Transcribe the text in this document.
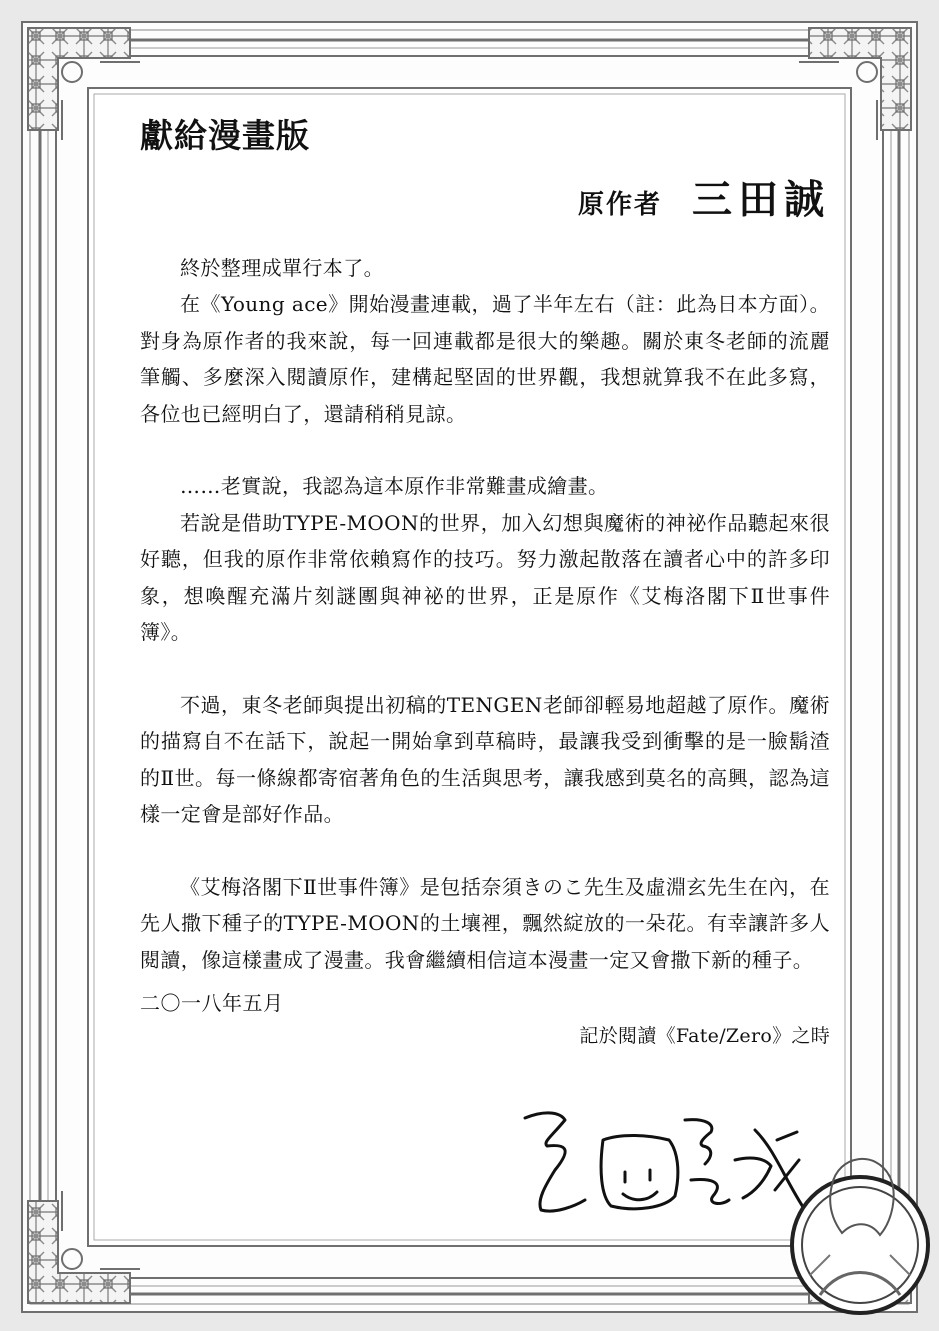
獻給漫畫版
原作者 三田誠

終於整理成單行本了。

在《Young ace》開始漫畫連載，過了半年左右（註：此為日本方面）。對身為原作者的我來說，每一回連載都是很大的樂趣。關於東冬老師的流麗筆觸、多麼深入閱讀原作，建構起堅固的世界觀，我想就算我不在此多寫，各位也已經明白了，還請稍稍見諒。

……老實說，我認為這本原作非常難畫成繪畫。

若說是借助TYPE-MOON的世界，加入幻想與魔術的神祕作品聽起來很好聽，但我的原作非常依賴寫作的技巧。努力激起散落在讀者心中的許多印象，想喚醒充滿片刻謎團與神祕的世界，正是原作《艾梅洛閣下Ⅱ世事件簿》。

不過，東冬老師與提出初稿的TENGEN老師卻輕易地超越了原作。魔術的描寫自不在話下，說起一開始拿到草稿時，最讓我受到衝擊的是一臉鬍渣的Ⅱ世。每一條線都寄宿著角色的生活與思考，讓我感到莫名的高興，認為這樣一定會是部好作品。

《艾梅洛閣下Ⅱ世事件簿》是包括奈須きのこ先生及虛淵玄先生在內，在先人撒下種子的TYPE-MOON的土壤裡，飄然綻放的一朵花。有幸讓許多人閱讀，像這樣畫成了漫畫。我會繼續相信這本漫畫一定又會撒下新的種子。

二〇一八年五月
記於閱讀《Fate/Zero》之時
